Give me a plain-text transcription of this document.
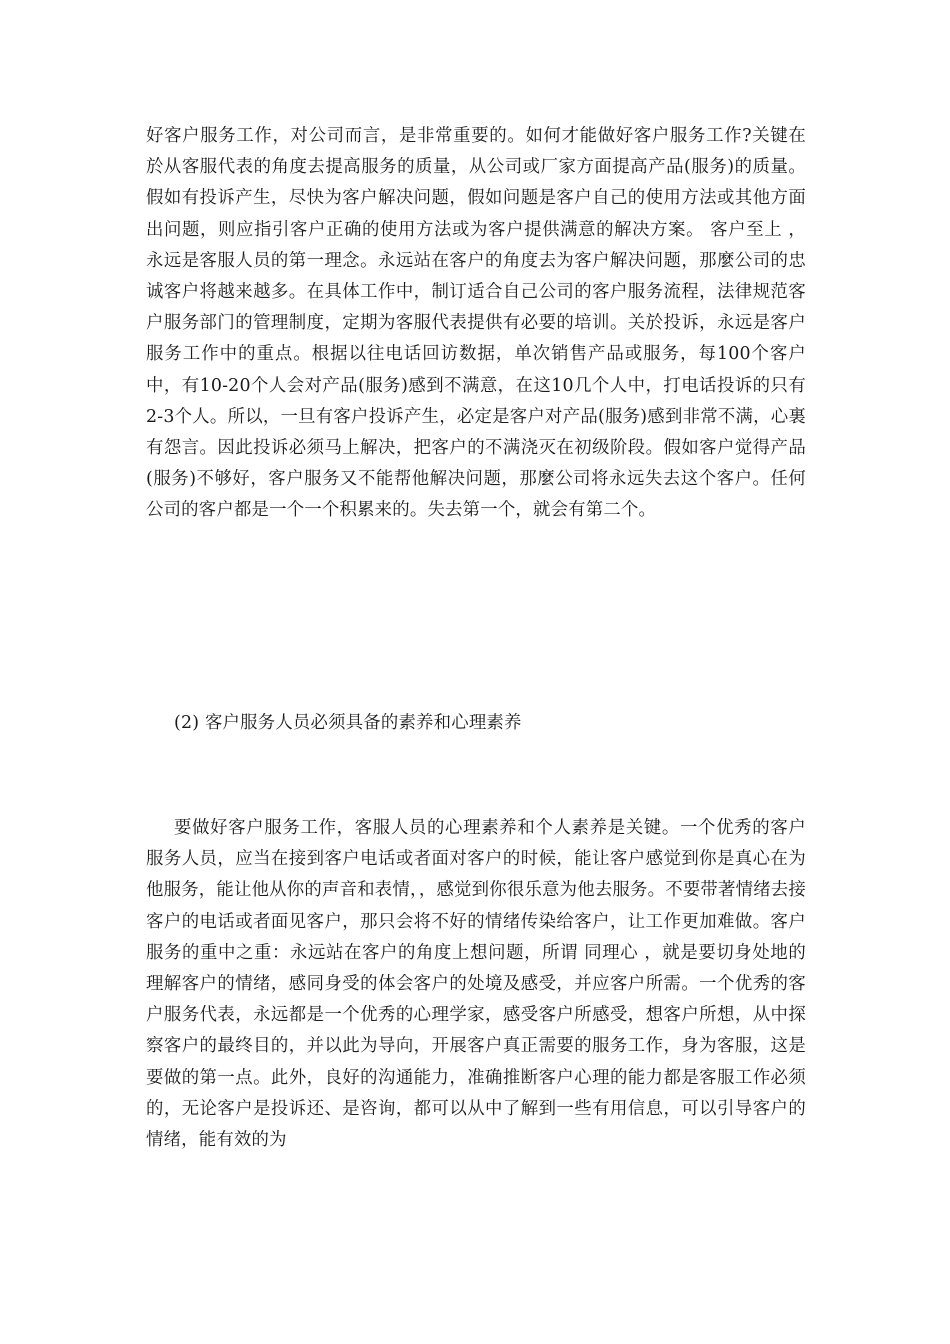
好客户服务工作，对公司而言，是非常重要的。如何才能做好客户服务工作?关键在於从客服代表的角度去提高服务的质量，从公司或厂家方面提高产品(服务)的质量。假如有投诉产生，尽快为客户解决问题，假如问题是客户自己的使用方法或其他方面出问题，则应指引客户正确的使用方法或为客户提供满意的解决方案。 客户至上 ，永远是客服人员的第一理念。永远站在客户的角度去为客户解决问题，那麼公司的忠诚客户将越来越多。在具体工作中，制订适合自己公司的客户服务流程，法律规范客户服务部门的管理制度，定期为客服代表提供有必要的培训。关於投诉，永远是客户服务工作中的重点。根据以往电话回访数据，单次销售产品或服务，每100个客户中，有10-20个人会对产品(服务)感到不满意，在这10几个人中，打电话投诉的只有2-3个人。所以，一旦有客户投诉产生，必定是客户对产品(服务)感到非常不满，心裏有怨言。因此投诉必须马上解决，把客户的不满浇灭在初级阶段。假如客户觉得产品(服务)不够好，客户服务又不能帮他解决问题，那麼公司将永远失去这个客户。任何公司的客户都是一个一个积累来的。失去第一个，就会有第二个。

(2) 客户服务人员必须具备的素养和心理素养

要做好客户服务工作，客服人员的心理素养和个人素养是关键。一个优秀的客户服务人员，应当在接到客户电话或者面对客户的时候，能让客户感觉到你是真心在为他服务，能让他从你的声音和表情，，感觉到你很乐意为他去服务。不要带著情绪去接客户的电话或者面见客户，那只会将不好的情绪传染给客户，让工作更加难做。客户服务的重中之重：永远站在客户的角度上想问题，所谓 同理心 ，就是要切身处地的理解客户的情绪，感同身受的体会客户的处境及感受，并应客户所需。一个优秀的客户服务代表，永远都是一个优秀的心理学家，感受客户所感受，想客户所想，从中探察客户的最终目的，并以此为导向，开展客户真正需要的服务工作，身为客服，这是要做的第一点。此外，良好的沟通能力，准确推断客户心理的能力都是客服工作必须的，无论客户是投诉还、是咨询，都可以从中了解到一些有用信息，可以引导客户的情绪，能有效的为
